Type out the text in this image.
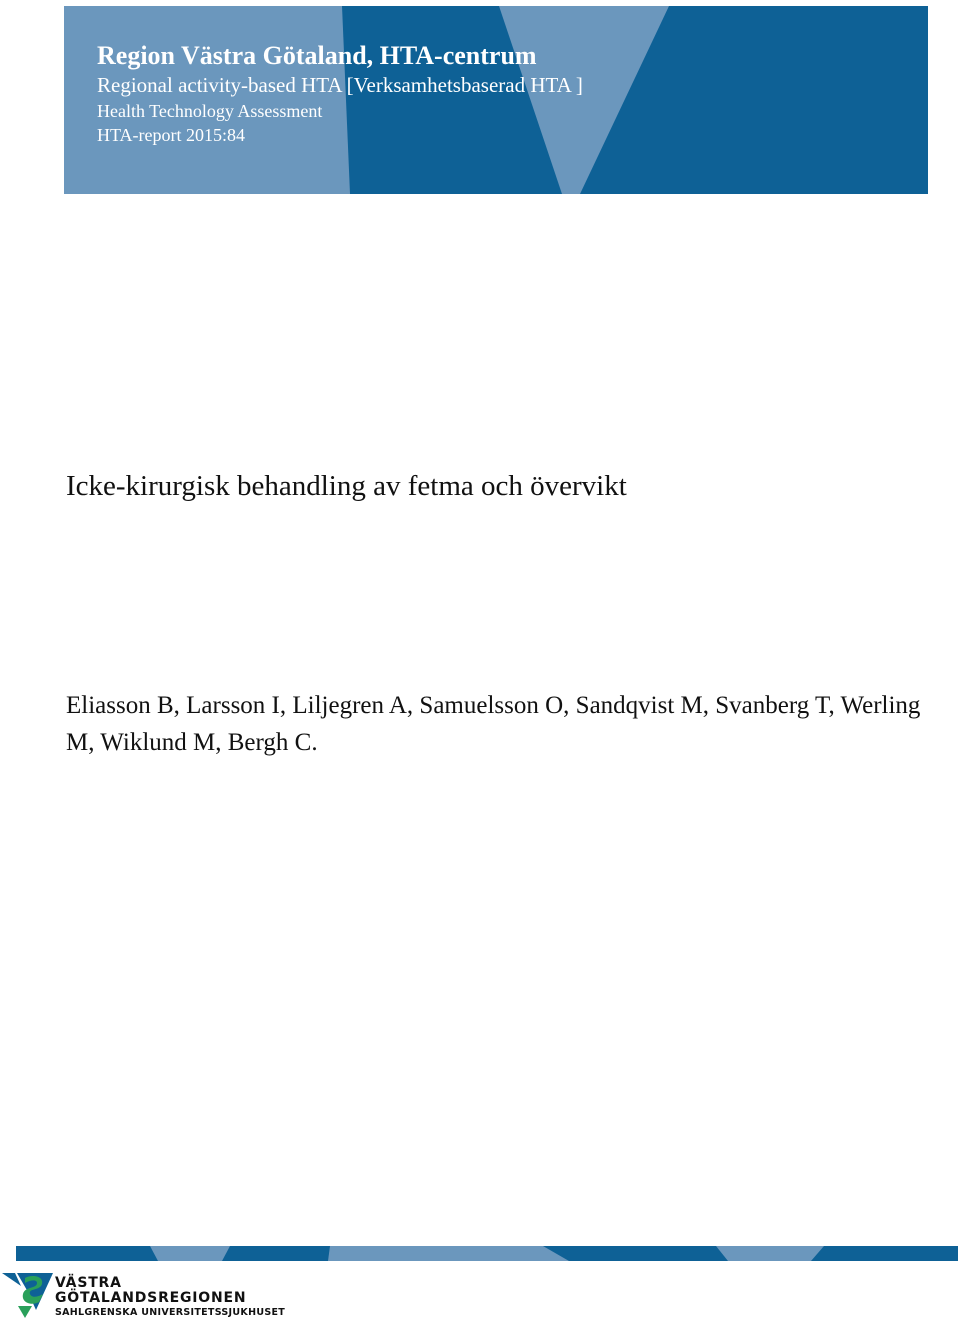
Region Västra Götaland, HTA-centrum
Regional activity-based HTA [Verksamhetsbaserad HTA ]
Health Technology Assessment
HTA-report 2015:84
Icke-kirurgisk behandling av fetma och övervikt
Eliasson B, Larsson I, Liljegren A, Samuelsson O, Sandqvist M, Svanberg T, Werling M, Wiklund M, Bergh C.
VÄSTRA
GÖTALANDSREGIONEN
SAHLGRENSKA UNIVERSITETSSJUKHUSET
